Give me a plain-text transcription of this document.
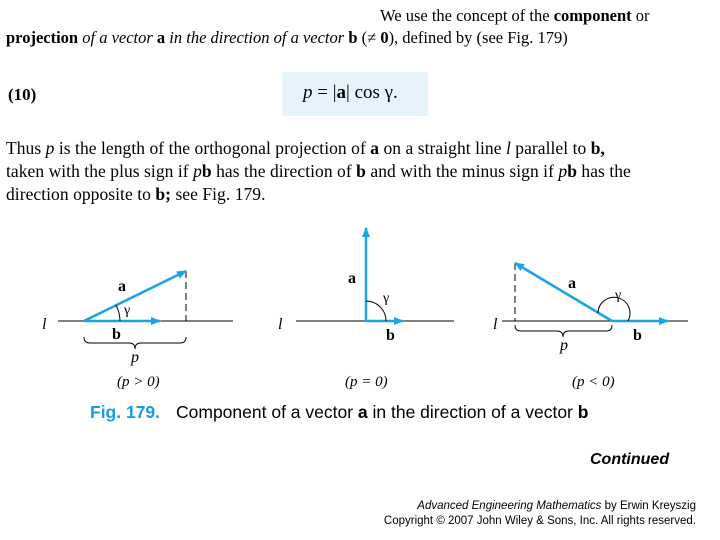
We use the concept of the component or
projection of a vector a in the direction of a vector b (≠ 0), defined by (see Fig. 179)
(10)	p = |a| cos γ.
Thus p is the length of the orthogonal projection of a on a straight line l parallel to b,
taken with the plus sign if pb has the direction of b and with the minus sign if pb has the
direction opposite to b; see Fig. 179.
l
a
γ
b
p
(p > 0)
l
a
γ
b
(p = 0)
l
a
γ
b
p
(p < 0)
Fig. 179. Component of a vector a in the direction of a vector b
Continued
Advanced Engineering Mathematics by Erwin Kreyszig
Copyright © 2007 John Wiley & Sons, Inc. All rights reserved.
